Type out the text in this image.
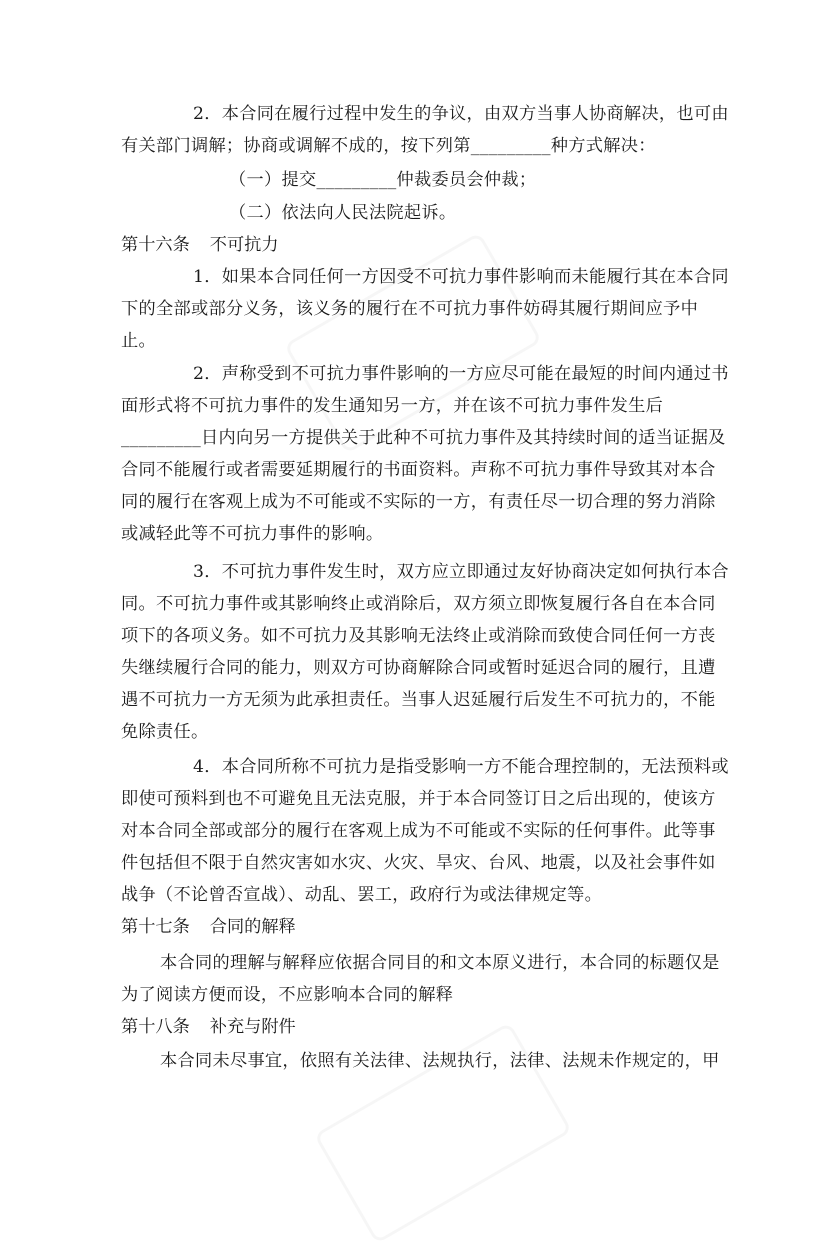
2．本合同在履行过程中发生的争议，由双方当事人协商解决，也可由
有关部门调解；协商或调解不成的，按下列第_________种方式解决：
（一）提交_________仲裁委员会仲裁；
（二）依法向人民法院起诉。
第十六条 不可抗力
1．如果本合同任何一方因受不可抗力事件影响而未能履行其在本合同
下的全部或部分义务，该义务的履行在不可抗力事件妨碍其履行期间应予中
止。
2．声称受到不可抗力事件影响的一方应尽可能在最短的时间内通过书
面形式将不可抗力事件的发生通知另一方，并在该不可抗力事件发生后
_________日内向另一方提供关于此种不可抗力事件及其持续时间的适当证据及
合同不能履行或者需要延期履行的书面资料。声称不可抗力事件导致其对本合
同的履行在客观上成为不可能或不实际的一方，有责任尽一切合理的努力消除
或减轻此等不可抗力事件的影响。
3．不可抗力事件发生时，双方应立即通过友好协商决定如何执行本合
同。不可抗力事件或其影响终止或消除后，双方须立即恢复履行各自在本合同
项下的各项义务。如不可抗力及其影响无法终止或消除而致使合同任何一方丧
失继续履行合同的能力，则双方可协商解除合同或暂时延迟合同的履行，且遭
遇不可抗力一方无须为此承担责任。当事人迟延履行后发生不可抗力的，不能
免除责任。
4．本合同所称不可抗力是指受影响一方不能合理控制的，无法预料或
即使可预料到也不可避免且无法克服，并于本合同签订日之后出现的，使该方
对本合同全部或部分的履行在客观上成为不可能或不实际的任何事件。此等事
件包括但不限于自然灾害如水灾、火灾、旱灾、台风、地震，以及社会事件如
战争（不论曾否宣战）、动乱、罢工，政府行为或法律规定等。
第十七条 合同的解释
本合同的理解与解释应依据合同目的和文本原义进行，本合同的标题仅是
为了阅读方便而设，不应影响本合同的解释
第十八条 补充与附件
本合同未尽事宜，依照有关法律、法规执行，法律、法规未作规定的，甲
